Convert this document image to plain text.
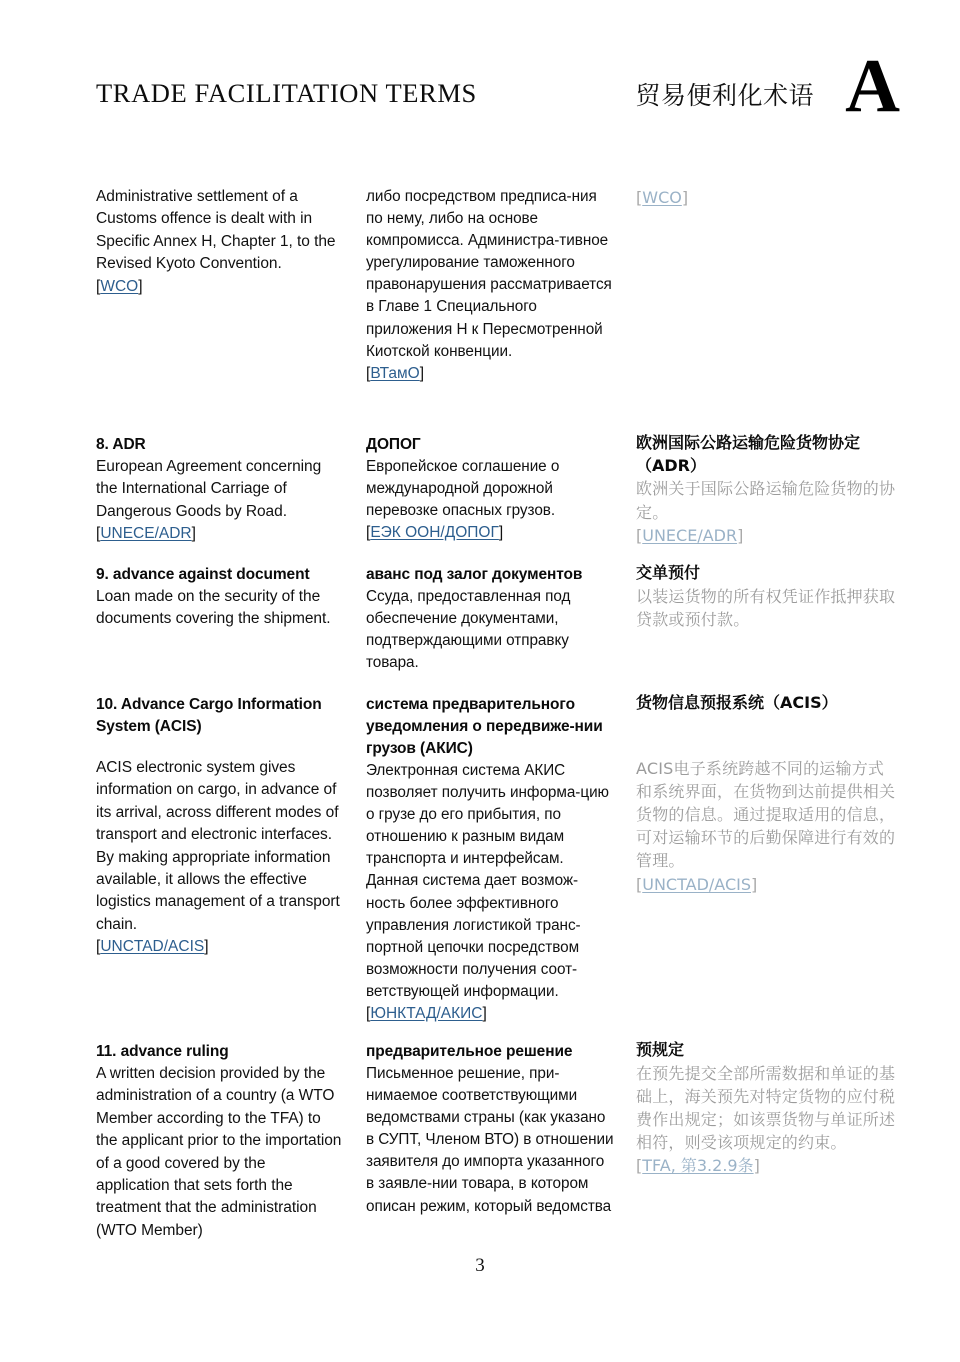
TRADE FACILITATION TERMS	贸易便利化术语 A

Administrative settlement of a Customs offence is dealt with in Specific Annex H, Chapter 1, to the Revised Kyoto Convention.

[WCO]

8. ADR

European Agreement concerning the International Carriage of Dangerous Goods by Road.

[UNECE/ADR]

9. advance against document

Loan made on the security of the documents covering the shipment.

10. Advance Cargo Information System (ACIS)

ACIS electronic system gives information on cargo, in advance of its arrival, across different modes of transport and electronic interfaces. By making appropriate information available, it allows the effective logistics management of a transport chain.

[UNCTAD/ACIS]

11. advance ruling

A written decision provided by the administration of a country (a WTO Member according to the TFA) to the applicant prior to the importation of a good covered by the application that sets forth the treatment that the administration (WTO Member)

либо посредством предписа-ния по нему, либо на основе компромисса. Администра-тивное урегулирование таможенного правонарушения рассматривается в Главе 1 Специального приложения H к Пересмотренной Киотской конвенции.

[ВТамО]

ДОПОГ

Европейское соглашение о международной дорожной перевозке опасных грузов.

[ЕЭК ООН/ДОПОГ]

аванс под залог документов

Ссуда, предоставленная под обеспечение документами, подтверждающими отправку товара.

система предварительного уведомления о передвиже-нии грузов (АКИС)

Электронная система АКИС позволяет получить информа-цию о грузе до его прибытия, по отношению к разным видам транспорта и интерфейсам. Данная система дает возмож-ность более эффективного управления логистикой транс-портной цепочки посредством возможности получения соот-ветствующей информации.

[ЮНКТАД/АКИС]

предварительное решение

Письменное решение, при-нимаемое соответствующими ведомствами страны (как указано в СУПТ, Членом ВТО) в отношении заявителя до импорта указанного в заявле-нии товара, в котором описан режим, который ведомства

[WCO]

欧洲国际公路运输危险货物协定（ADR）

欧洲关于国际公路运输危险货物的协定。

[UNECE/ADR]

交单预付

以装运货物的所有权凭证作抵押获取贷款或预付款。

货物信息预报系统（ACIS）

ACIS电子系统跨越不同的运输方式和系统界面，在货物到达前提供相关货物的信息。通过提取适用的信息，可对运输环节的后勤保障进行有效的管理。

[UNCTAD/ACIS]

预规定

在预先提交全部所需数据和单证的基础上，海关预先对特定货物的应付税费作出规定；如该票货物与单证所述相符，则受该项规定的约束。

[TFA, 第3.2.9条]
3
